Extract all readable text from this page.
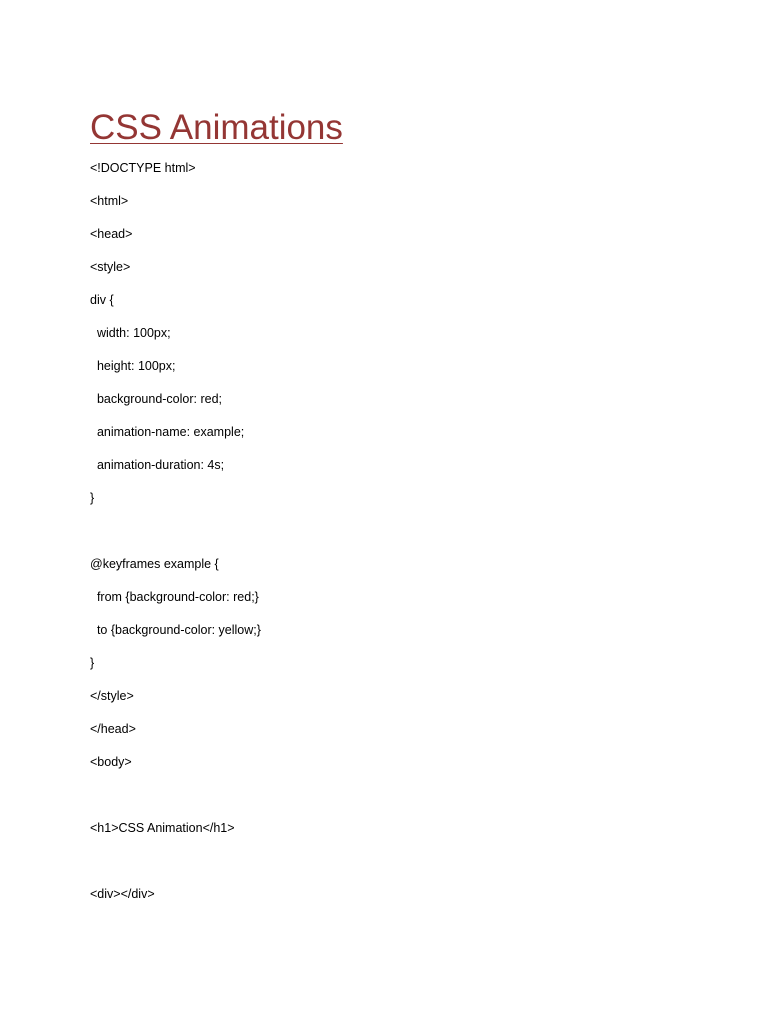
CSS Animations
<!DOCTYPE html>
<html>
<head>
<style>
div {
width: 100px;
height: 100px;
background-color: red;
animation-name: example;
animation-duration: 4s;
}
@keyframes example {
from {background-color: red;}
to {background-color: yellow;}
}
</style>
</head>
<body>
<h1>CSS Animation</h1>
<div></div>
